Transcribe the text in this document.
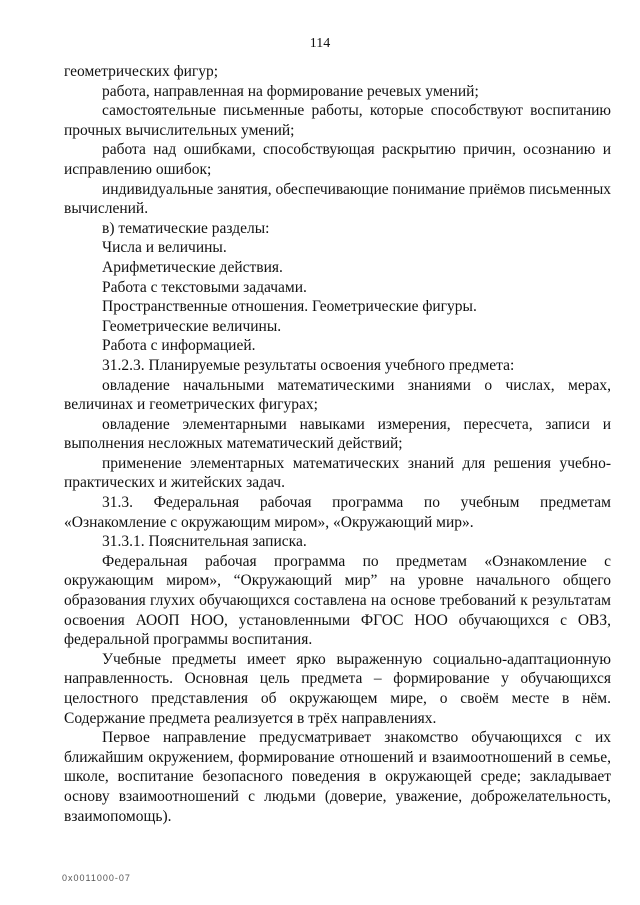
114

геометрических фигур;

работа, направленная на формирование речевых умений;

самостоятельные письменные работы, которые способствуют воспитанию прочных вычислительных умений;

работа над ошибками, способствующая раскрытию причин, осознанию и исправлению ошибок;

индивидуальные занятия, обеспечивающие понимание приёмов письменных вычислений.

в) тематические разделы:

Числа и величины.

Арифметические действия.

Работа с текстовыми задачами.

Пространственные отношения. Геометрические фигуры.

Геометрические величины.

Работа с информацией.

31.2.3. Планируемые результаты освоения учебного предмета:

овладение начальными математическими знаниями о числах, мерах, величинах и геометрических фигурах;

овладение элементарными навыками измерения, пересчета, записи и выполнения несложных математический действий;

применение элементарных математических знаний для решения учебно-практических и житейских задач.

31.3. Федеральная рабочая программа по учебным предметам «Ознакомление с окружающим миром», «Окружающий мир».

31.3.1. Пояснительная записка.

Федеральная рабочая программа по предметам «Ознакомление с окружающим миром», “Окружающий мир” на уровне начального общего образования глухих обучающихся составлена на основе требований к результатам освоения АООП НОО, установленными ФГОС НОО обучающихся с ОВЗ, федеральной программы воспитания.

Учебные предметы имеет ярко выраженную социально-адаптационную направленность. Основная цель предмета – формирование у обучающихся целостного представления об окружающем мире, о своём месте в нём. Содержание предмета реализуется в трёх направлениях.

Первое направление предусматривает знакомство обучающихся с их ближайшим окружением, формирование отношений и взаимоотношений в семье, школе, воспитание безопасного поведения в окружающей среде; закладывает основу взаимоотношений с людьми (доверие, уважение, доброжелательность, взаимопомощь).

0x0011000-07
